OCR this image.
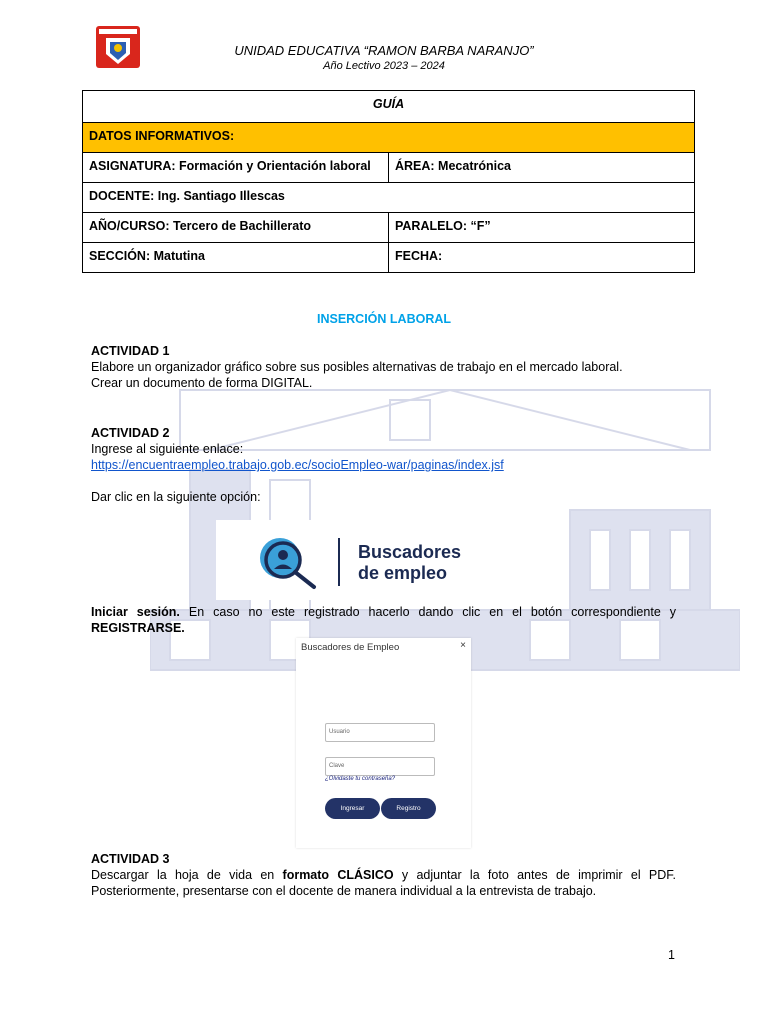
UNIDAD EDUCATIVA “RAMON BARBA NARANJO”
Año Lectivo 2023 – 2024
GUÍA	
DATOS INFORMATIVOS:	
ASIGNATURA: Formación y Orientación laboral	ÁREA: Mecatrónica
DOCENTE: Ing. Santiago Illescas	
AÑO/CURSO: Tercero de Bachillerato	PARALELO: “F”
SECCIÓN: Matutina	FECHA:
INSERCIÓN LABORAL
ACTIVIDAD 1
Elabore un organizador gráfico sobre sus posibles alternativas de trabajo en el mercado laboral.
Crear un documento de forma DIGITAL.
ACTIVIDAD 2
Ingrese al siguiente enlace:
https://encuentraempleo.trabajo.gob.ec/socioEmpleo-war/paginas/index.jsf
Dar clic en la siguiente opción:
Buscadores
de empleo
Iniciar sesión. En caso no este registrado hacerlo dando clic en el botón correspondiente y REGISTRARSE.
Buscadores de Empleo	×
Usuario
Clave
¿Olvidaste tu contraseña?
Ingresar	Registro
ACTIVIDAD 3
Descargar la hoja de vida en formato CLÁSICO y adjuntar la foto antes de imprimir el PDF. Posteriormente, presentarse con el docente de manera individual a la entrevista de trabajo.
1
